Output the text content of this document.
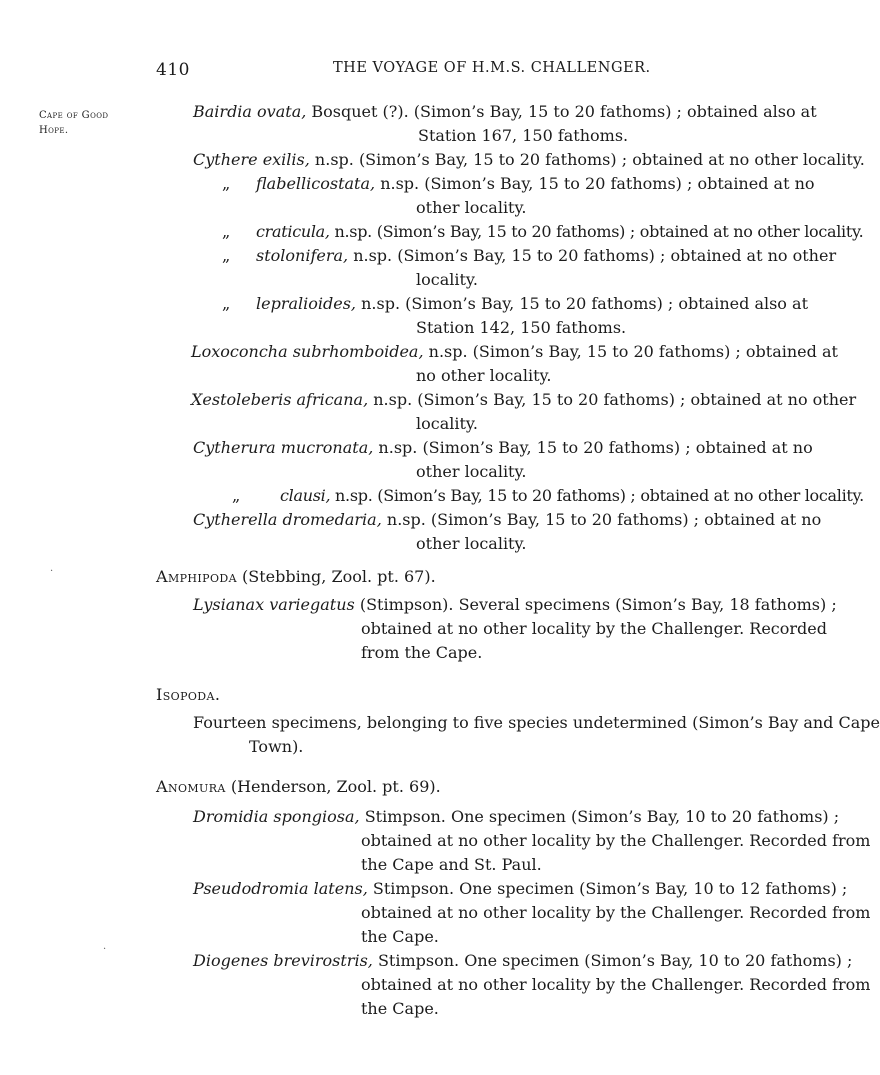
410	THE VOYAGE OF H.M.S. CHALLENGER.
Cape of Good
Hope.
Bairdia ovata, Bosquet (?). (Simon’s Bay, 15 to 20 fathoms) ; obtained also at
Station 167, 150 fathoms.
Cythere exilis, n.sp. (Simon’s Bay, 15 to 20 fathoms) ; obtained at no other locality.
„ flabellicostata, n.sp. (Simon’s Bay, 15 to 20 fathoms) ; obtained at no
other locality.
„ craticula, n.sp. (Simon’s Bay, 15 to 20 fathoms) ; obtained at no other locality.
„ stolonifera, n.sp. (Simon’s Bay, 15 to 20 fathoms) ; obtained at no other
locality.
„ lepralioides, n.sp. (Simon’s Bay, 15 to 20 fathoms) ; obtained also at
Station 142, 150 fathoms.
Loxoconcha subrhomboidea, n.sp. (Simon’s Bay, 15 to 20 fathoms) ; obtained at
no other locality.
Xestoleberis africana, n.sp. (Simon’s Bay, 15 to 20 fathoms) ; obtained at no other
locality.
Cytherura mucronata, n.sp. (Simon’s Bay, 15 to 20 fathoms) ; obtained at no
other locality.
„ clausi, n.sp. (Simon’s Bay, 15 to 20 fathoms) ; obtained at no other locality.
Cytherella dromedaria, n.sp. (Simon’s Bay, 15 to 20 fathoms) ; obtained at no
other locality.
·	Amphipoda (Stebbing, Zool. pt. 67).
Lysianax variegatus (Stimpson). Several specimens (Simon’s Bay, 18 fathoms) ;
obtained at no other locality by the Challenger. Recorded
from the Cape.
Isopoda.
Fourteen specimens, belonging to five species undetermined (Simon’s Bay and Cape
Town).
Anomura (Henderson, Zool. pt. 69).
Dromidia spongiosa, Stimpson. One specimen (Simon’s Bay, 10 to 20 fathoms) ;
obtained at no other locality by the Challenger. Recorded from
the Cape and St. Paul.
Pseudodromia latens, Stimpson. One specimen (Simon’s Bay, 10 to 12 fathoms) ;
obtained at no other locality by the Challenger. Recorded from
the Cape.
·
Diogenes brevirostris, Stimpson. One specimen (Simon’s Bay, 10 to 20 fathoms) ;
obtained at no other locality by the Challenger. Recorded from
the Cape.
